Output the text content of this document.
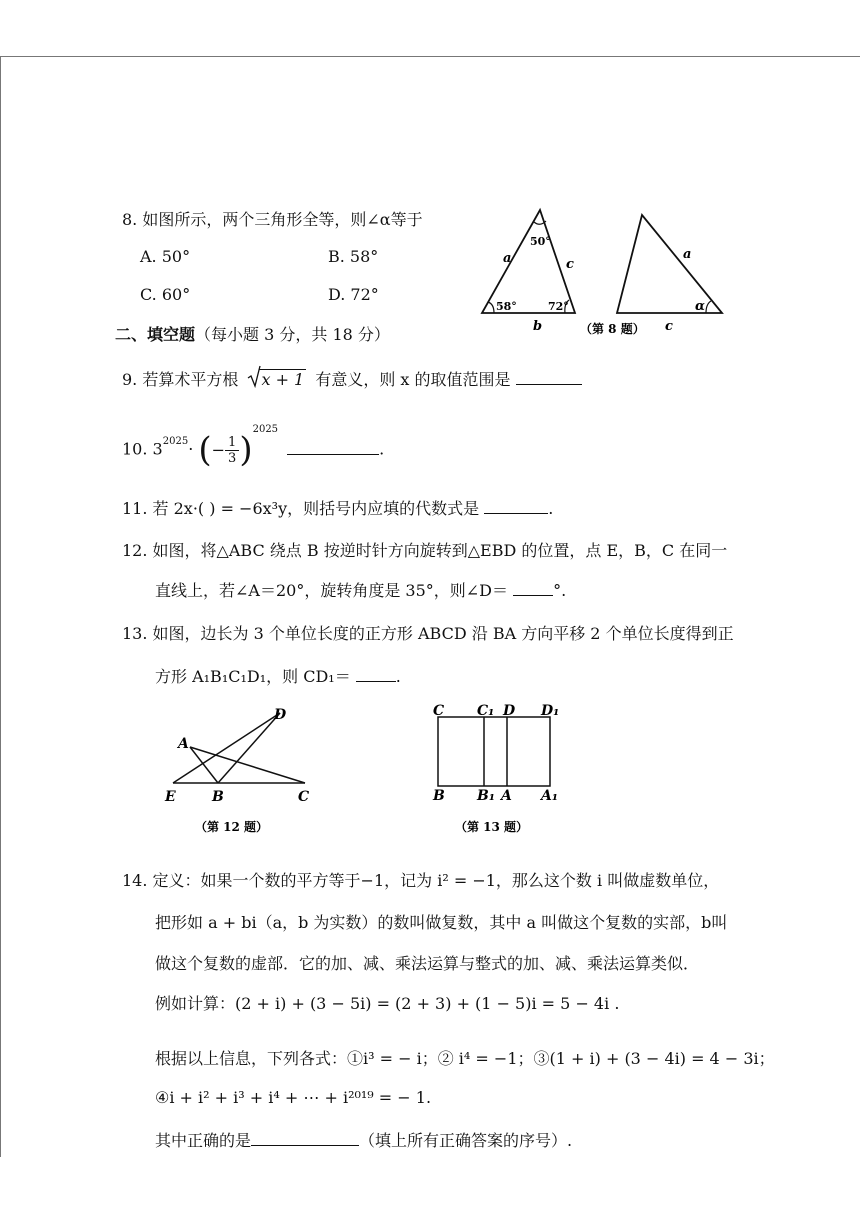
8. 如图所示，两个三角形全等，则∠α等于
A. 50°	B. 58°
C. 60°	D. 72°
50°
58°	72°
a	c
b
a
α
c
（第 8 题）
二、填空题（每小题 3 分，共 18 分）
9. 若算术平方根 x + 1 有意义，则 x 的取值范围是
10. $3^{2025}\cdot$ (− $\frac{1}{3} )^{2025}$ .
11. 若 2x·( ) = −6x³y，则括号内应填的代数式是	.
12. 如图，将△ABC 绕点 B 按逆时针方向旋转到△EBD 的位置，点 E，B，C 在同一
直线上，若∠A＝20°，旋转角度是 35°，则∠D＝	°.
13. 如图，边长为 3 个单位长度的正方形 ABCD 沿 BA 方向平移 2 个单位长度得到正
方形 A₁B₁C₁D₁，则 CD₁＝	.
D
A
E	B	C
（第 12 题）
C C₁ D D₁
B B₁ A A₁
（第 13 题）
14. 定义：如果一个数的平方等于−1，记为 i² = −1，那么这个数 i 叫做虚数单位，
把形如 a + bi（a，b 为实数）的数叫做复数，其中 a 叫做这个复数的实部，b叫
做这个复数的虚部．它的加、减、乘法运算与整式的加、减、乘法运算类似．
例如计算：(2 + i) + (3 − 5i) = (2 + 3) + (1 − 5)i = 5 − 4i .
根据以上信息，下列各式：①i³ = − i；② i⁴ = −1；③(1 + i) + (3 − 4i) = 4 − 3i；
④i + i² + i³ + i⁴ + ⋯ + i²⁰¹⁹ = − 1.
其中正确的是	（填上所有正确答案的序号）.
